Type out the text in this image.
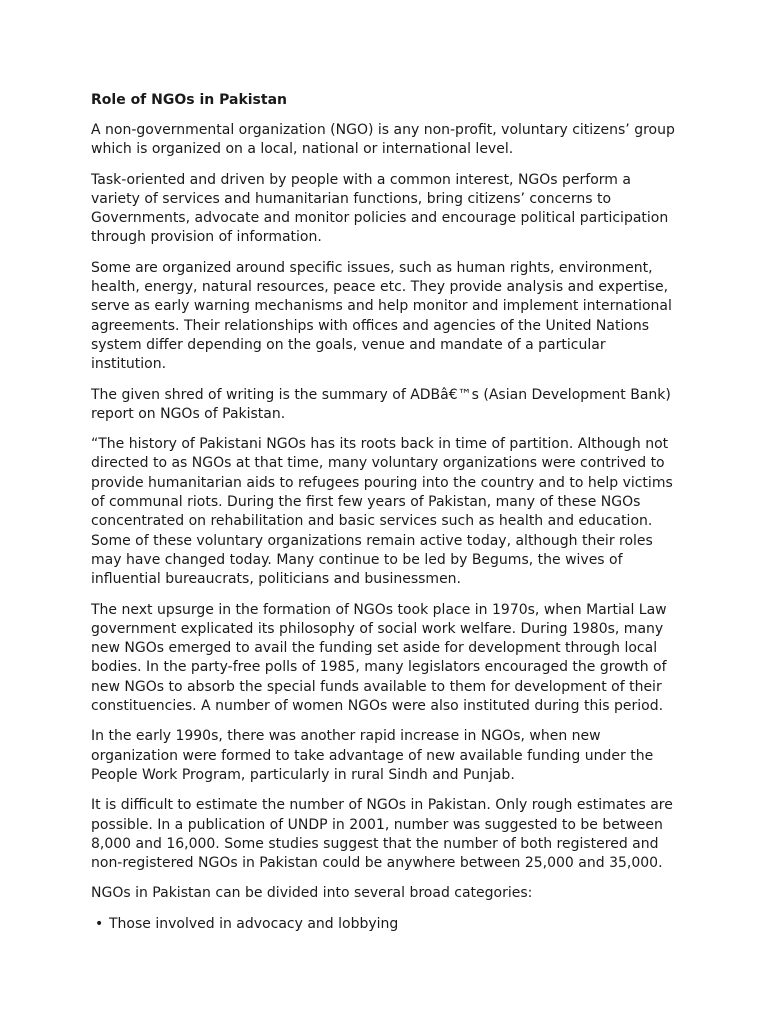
Role of NGOs in Pakistan

A non-governmental organization (NGO) is any non-profit, voluntary citizens’ group which is organized on a local, national or international level.

Task-oriented and driven by people with a common interest, NGOs perform a variety of services and humanitarian functions, bring citizens’ concerns to Governments, advocate and monitor policies and encourage political participation through provision of information.

Some are organized around specific issues, such as human rights, environment, health, energy, natural resources, peace etc. They provide analysis and expertise, serve as early warning mechanisms and help monitor and implement international agreements. Their relationships with offices and agencies of the United Nations system differ depending on the goals, venue and mandate of a particular institution.

The given shred of writing is the summary of ADBâ€™s (Asian Development Bank) report on NGOs of Pakistan.

“The history of Pakistani NGOs has its roots back in time of partition. Although not directed to as NGOs at that time, many voluntary organizations were contrived to provide humanitarian aids to refugees pouring into the country and to help victims of communal riots. During the first few years of Pakistan, many of these NGOs concentrated on rehabilitation and basic services such as health and education. Some of these voluntary organizations remain active today, although their roles may have changed today. Many continue to be led by Begums, the wives of influential bureaucrats, politicians and businessmen.

The next upsurge in the formation of NGOs took place in 1970s, when Martial Law government explicated its philosophy of social work welfare. During 1980s, many new NGOs emerged to avail the funding set aside for development through local bodies. In the party-free polls of 1985, many legislators encouraged the growth of new NGOs to absorb the special funds available to them for development of their constituencies. A number of women NGOs were also instituted during this period.

In the early 1990s, there was another rapid increase in NGOs, when new organization were formed to take advantage of new available funding under the People Work Program, particularly in rural Sindh and Punjab.

It is difficult to estimate the number of NGOs in Pakistan. Only rough estimates are possible. In a publication of UNDP in 2001, number was suggested to be between 8,000 and 16,000. Some studies suggest that the number of both registered and non-registered NGOs in Pakistan could be anywhere between 25,000 and 35,000.

NGOs in Pakistan can be divided into several broad categories:

• Those involved in advocacy and lobbying
